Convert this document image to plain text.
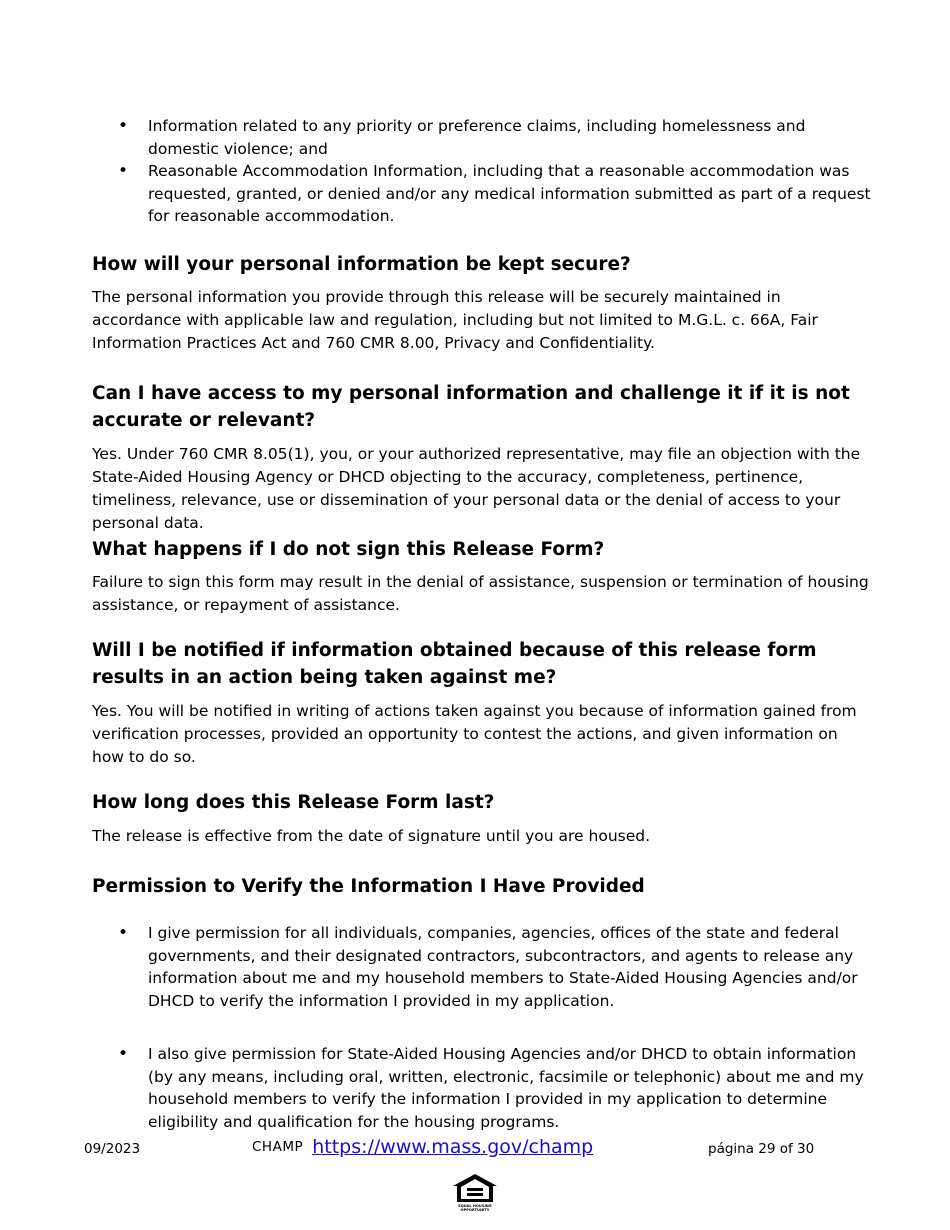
• Information related to any priority or preference claims, including homelessness and domestic violence; and
• Reasonable Accommodation Information, including that a reasonable accommodation was requested, granted, or denied and/or any medical information submitted as part of a request for reasonable accommodation.
How will your personal information be kept secure?

The personal information you provide through this release will be securely maintained in accordance with applicable law and regulation, including but not limited to M.G.L. c. 66A, Fair Information Practices Act and 760 CMR 8.00, Privacy and Confidentiality.

Can I have access to my personal information and challenge it if it is not accurate or relevant?

Yes. Under 760 CMR 8.05(1), you, or your authorized representative, may file an objection with the State-Aided Housing Agency or DHCD objecting to the accuracy, completeness, pertinence, timeliness, relevance, use or dissemination of your personal data or the denial of access to your personal data.

What happens if I do not sign this Release Form?

Failure to sign this form may result in the denial of assistance, suspension or termination of housing assistance, or repayment of assistance.

Will I be notified if information obtained because of this release form results in an action being taken against me?

Yes. You will be notified in writing of actions taken against you because of information gained from verification processes, provided an opportunity to contest the actions, and given information on how to do so.

How long does this Release Form last?

The release is effective from the date of signature until you are housed.

Permission to Verify the Information I Have Provided
• I give permission for all individuals, companies, agencies, offices of the state and federal governments, and their designated contractors, subcontractors, and agents to release any information about me and my household members to State-Aided Housing Agencies and/or DHCD to verify the information I provided in my application.
• I also give permission for State-Aided Housing Agencies and/or DHCD to obtain information (by any means, including oral, written, electronic, facsimile or telephonic) about me and my household members to verify the information I provided in my application to determine eligibility and qualification for the housing programs.
09/2023	CHAMP https://www.mass.gov/champ	página 29 of 30
EQUAL HOUSING
OPPORTUNITY
